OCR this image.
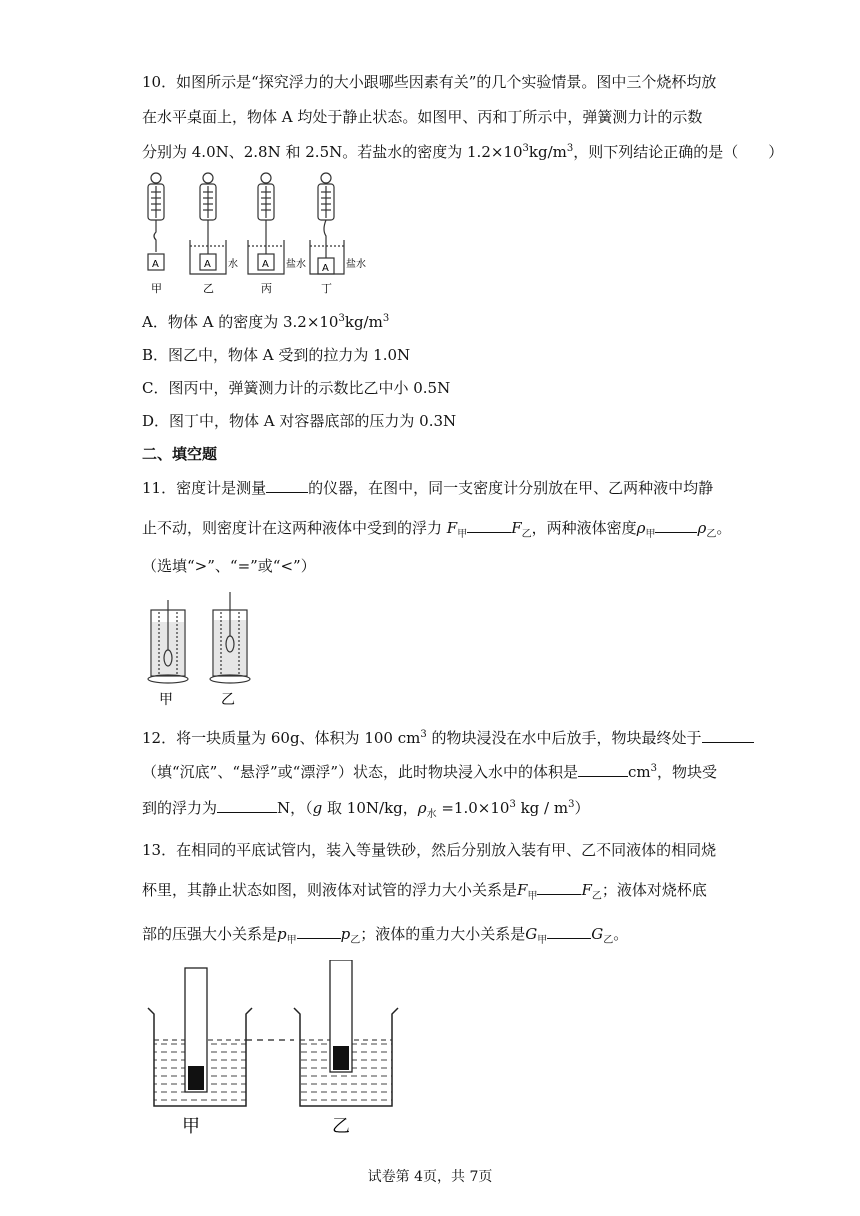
10．如图所示是“探究浮力的大小跟哪些因素有关”的几个实验情景。图中三个烧杯均放
在水平桌面上，物体 A 均处于静止状态。如图甲、丙和丁所示中，弹簧测力计的示数
分别为 4.0N、2.8N 和 2.5N。若盐水的密度为 $1.2\times 10^3kg/m^3$，则下列结论正确的是（　　）
A
甲
A 水
乙
A 盐水
丙
A 盐水
丁
A．物体 A 的密度为 $3.2\times 10^3kg/m^3$
B．图乙中，物体 A 受到的拉力为 1.0N
C．图丙中，弹簧测力计的示数比乙中小 0.5N
D．图丁中，物体 A 对容器底部的压力为 0.3N
二、填空题
11．密度计是测量	的仪器，在图中，同一支密度计分别放在甲、乙两种液中均静
止不动，则密度计在这两种液体中受到的浮力 $F_甲$	$F_乙$，两种液体密度$\rho_甲$	$\rho_乙$。
（选填“>”、“=”或“<”）
甲	乙
12．将一块质量为 60g、体积为 100 $cm^3$ 的物块浸没在水中后放手，物块最终处于
（填“沉底”、“悬浮”或“漂浮”）状态，此时物块浸入水中的体积是	$cm^3$，物块受
到的浮力为	N，（g 取 10N/kg，$\rho_水 =1.0\times 10^3$ kg / $m^3$）
13．在相同的平底试管内，装入等量铁砂，然后分别放入装有甲、乙不同液体的相同烧
杯里，其静止状态如图，则液体对试管的浮力大小关系是$F_甲$	$F_乙$；液体对烧杯底
部的压强大小关系是$p_甲$	$p_乙$；液体的重力大小关系是$G_甲$	$G_乙$。
甲	乙
试卷第 4页，共 7页
